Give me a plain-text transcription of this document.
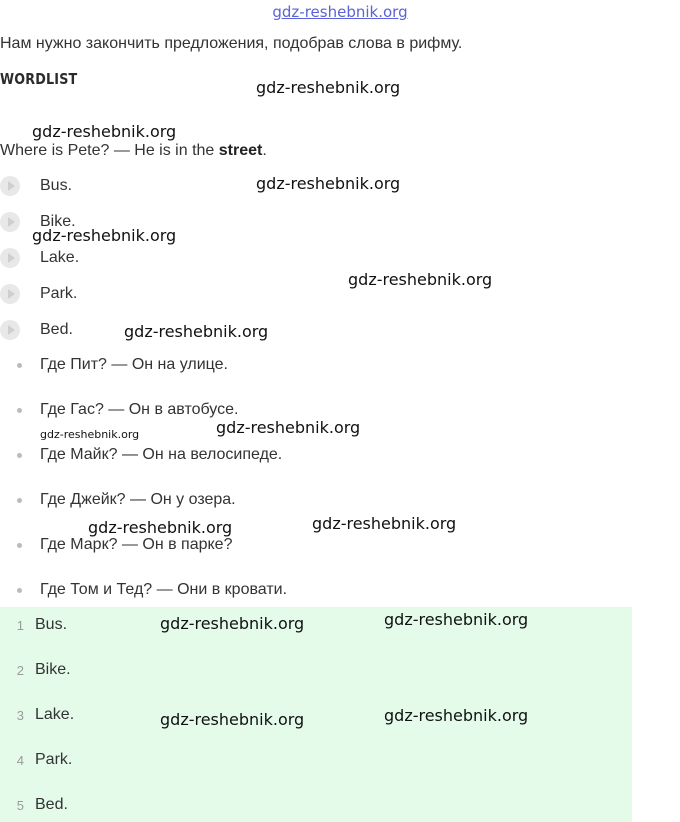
gdz-reshebnik.org
Нам нужно закончить предложения, подобрав слова в рифму.
WORDLIST
Where is Pete? — He is in the street.
Bus.
Bike.
Lake.
Park.
Bed.
Где Пит? — Он на улице.
Где Гас? — Он в автобусе.
Где Майк? — Он на велосипеде.
Где Джейк? — Он у озера.
Где Марк? — Он в парке?
Где Том и Тед? — Они в кровати.
1 Bus.
2 Bike.
3 Lake.
4 Park.
5 Bed.
gdz-reshebnik.org
gdz-reshebnik.org
gdz-reshebnik.org
gdz-reshebnik.org
gdz-reshebnik.org
gdz-reshebnik.org
gdz-reshebnik.org	gdz-reshebnik.org
gdz-reshebnik.org	gdz-reshebnik.org
gdz-reshebnik.org	gdz-reshebnik.org
gdz-reshebnik.org	gdz-reshebnik.org
